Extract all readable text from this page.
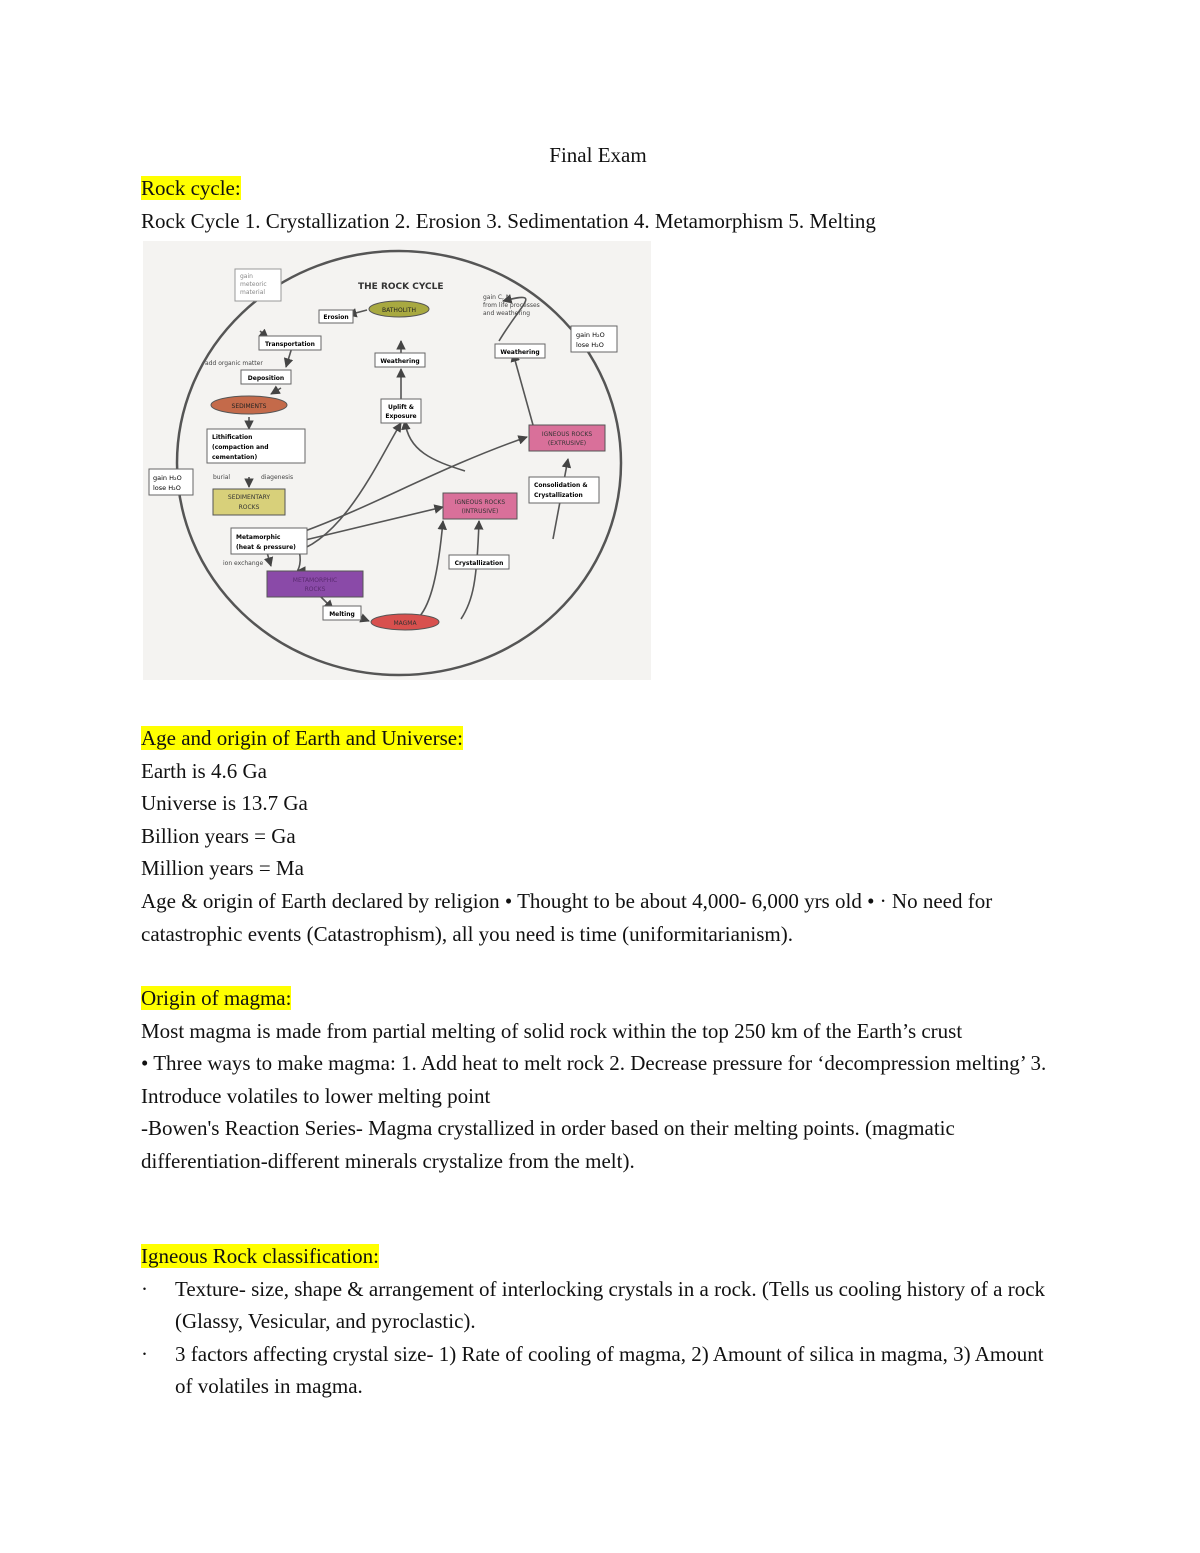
Final Exam

Rock cycle:

Rock Cycle 1. Crystallization 2. Erosion 3. Sedimentation 4. Metamorphism 5. Melting

gain meteoric material
THE ROCK CYCLE
BATHOLITH
Erosion
gain C, N from life processes and weathering
gain H₂O lose H₂O
Transportation
add organic matter	Weathering
Weathering
Deposition
SEDIMENTS	Uplift & Exposure
IGNEOUS ROCKS (EXTRUSIVE)
Lithification (compaction and cementation)
burial	diagenesis
Consolidation & Crystallization
gain H₂O lose H₂O
SEDIMENTARY ROCKS
IGNEOUS ROCKS (INTRUSIVE)
Metamorphic (heat & pressure)
ion exchange	Crystallization
METAMORPHIC ROCKS
Melting
MAGMA

Age and origin of Earth and Universe:

Earth is 4.6 Ga

Universe is 13.7 Ga

Billion years = Ga

Million years = Ma

Age & origin of Earth declared by religion • Thought to be about 4,000- 6,000 yrs old • · No need for catastrophic events (Catastrophism), all you need is time (uniformitarianism).

Origin of magma:

Most magma is made from partial melting of solid rock within the top 250 km of the Earth’s crust

• Three ways to make magma: 1. Add heat to melt rock 2. Decrease pressure for ‘decompression melting’ 3. Introduce volatiles to lower melting point

-Bowen's Reaction Series- Magma crystallized in order based on their melting points. (magmatic differentiation-different minerals crystalize from the melt).

Igneous Rock classification:

·	Texture- size, shape & arrangement of interlocking crystals in a rock. (Tells us cooling history of a rock (Glassy, Vesicular, and pyroclastic).

·	3 factors affecting crystal size- 1) Rate of cooling of magma, 2) Amount of silica in magma, 3) Amount of volatiles in magma.
